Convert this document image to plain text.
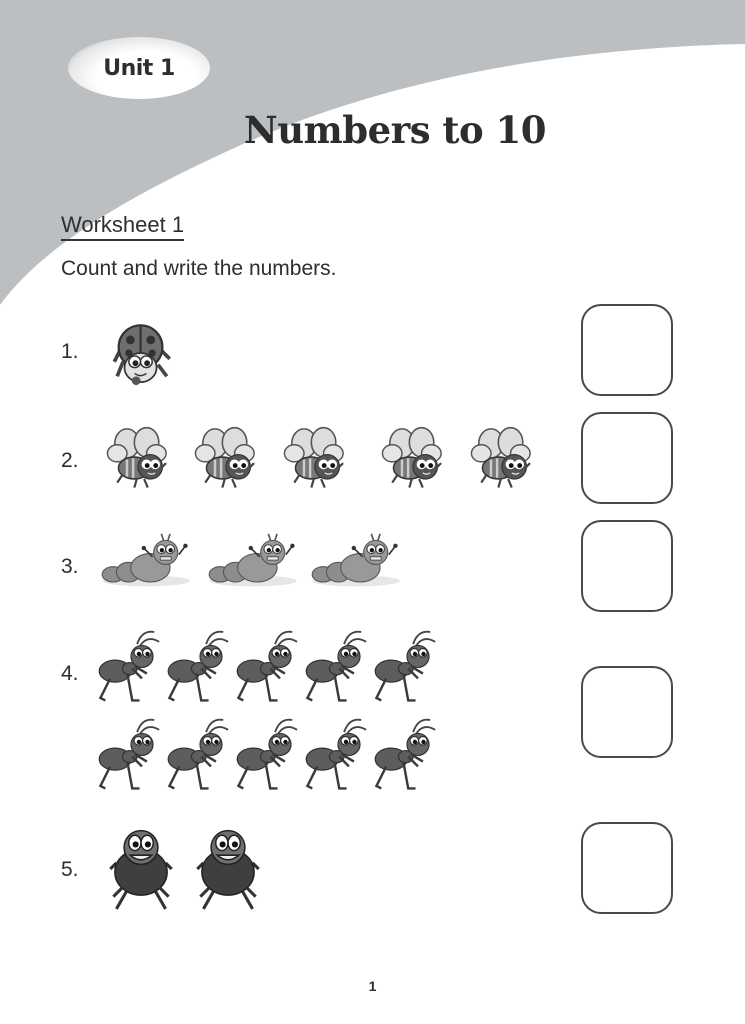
Unit 1
Numbers to 10
Worksheet 1
Count and write the numbers.
1.
2.
3.
4.
5.
1
